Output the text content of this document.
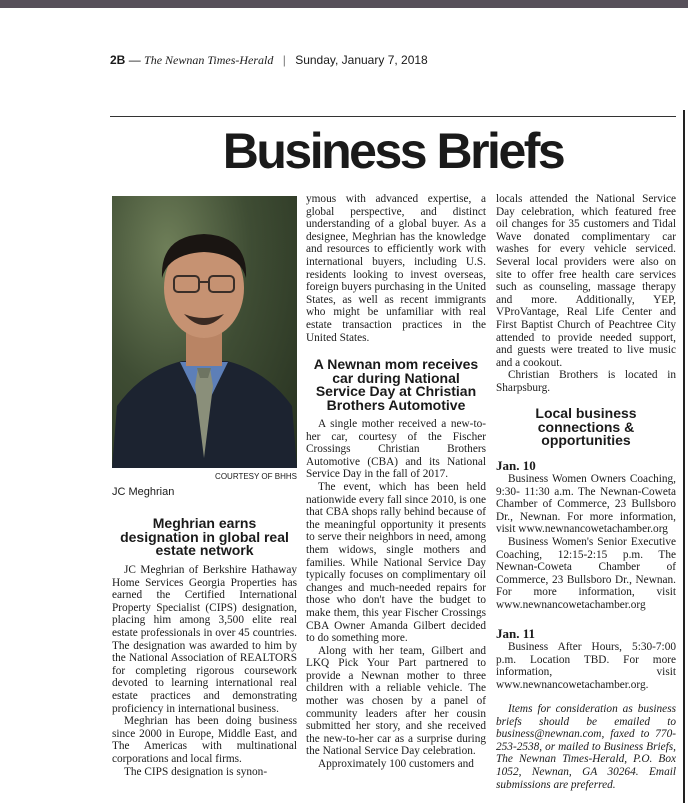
2B — The Newnan Times-Herald | Sunday, January 7, 2018
Business Briefs
COURTESY OF BHHS
JC Meghrian
Meghrian earns designation in global real estate network

JC Meghrian of Berkshire Hathaway Home Services Georgia Properties has earned the Certified International Property Specialist (CIPS) designation, placing him among 3,500 elite real estate professionals in over 45 countries. The designation was awarded to him by the National Association of REALTORS for completing rigorous coursework devoted to learning international real estate practices and demonstrating proficiency in international business.

Meghrian has been doing business since 2000 in Europe, Middle East, and The Americas with multinational corporations and local firms.

The CIPS designation is synon-

ymous with advanced expertise, a global perspective, and distinct understanding of a global buyer. As a designee, Meghrian has the knowledge and resources to efficiently work with international buyers, including U.S. residents looking to invest overseas, foreign buyers purchasing in the United States, as well as recent immigrants who might be unfamiliar with real estate transaction practices in the United States.

A Newnan mom receives car during National Service Day at Christian Brothers Automotive

A single mother received a new-to-her car, courtesy of the Fischer Crossings Christian Brothers Automotive (CBA) and its National Service Day in the fall of 2017.

The event, which has been held nationwide every fall since 2010, is one that CBA shops rally behind because of the meaningful opportunity it presents to serve their neighbors in need, among them widows, single mothers and families. While National Service Day typically focuses on complimentary oil changes and much-needed repairs for those who don't have the budget to make them, this year Fischer Crossings CBA Owner Amanda Gilbert decided to do something more.

Along with her team, Gilbert and LKQ Pick Your Part partnered to provide a Newnan mother to three children with a reliable vehicle. The mother was chosen by a panel of community leaders after her cousin submitted her story, and she received the new-to-her car as a surprise during the National Service Day celebration.

Approximately 100 customers and

locals attended the National Service Day celebration, which featured free oil changes for 35 customers and Tidal Wave donated complimentary car washes for every vehicle serviced. Several local providers were also on site to offer free health care services such as counseling, massage therapy and more. Additionally, YEP, VProVantage, Real Life Center and First Baptist Church of Peachtree City attended to provide needed support, and guests were treated to live music and a cookout.

Christian Brothers is located in Sharpsburg.

Local business connections & opportunities
Jan. 10

Business Women Owners Coaching, 9:30- 11:30 a.m. The Newnan-Coweta Chamber of Commerce, 23 Bullsboro Dr., Newnan. For more information, visit www.newnancowetachamber.org

Business Women's Senior Executive Coaching, 12:15-2:15 p.m. The Newnan-Coweta Chamber of Commerce, 23 Bullsboro Dr., Newnan. For more information, visit www.newnancowetachamber.org

Jan. 11

Business After Hours, 5:30-7:00 p.m. Location TBD. For more information, visit www.newnancowetachamber.org.

Items for consideration as business briefs should be emailed to business@newnan.com, faxed to 770-253-2538, or mailed to Business Briefs, The Newnan Times-Herald, P.O. Box 1052, Newnan, GA 30264. Email submissions are preferred.
